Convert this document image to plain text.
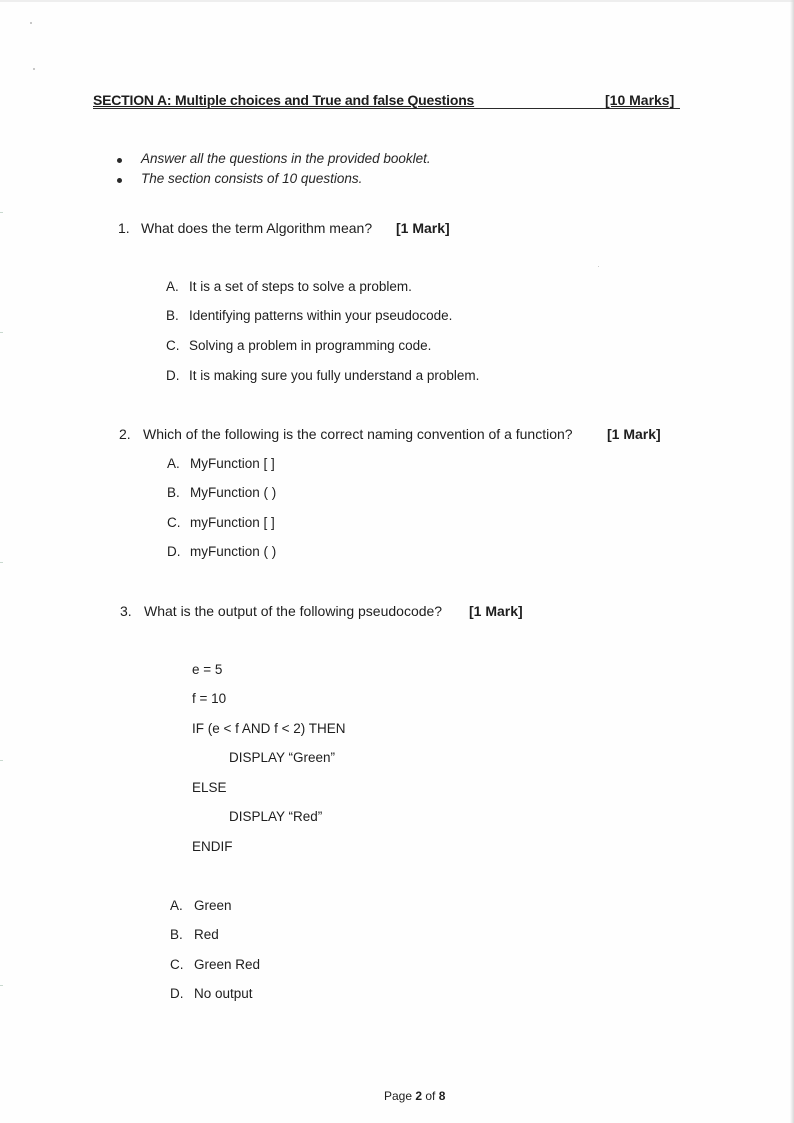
SECTION A: Multiple choices and True and false Questions	[10 Marks]
Answer all the questions in the provided booklet.
The section consists of 10 questions.
1. What does the term Algorithm mean? [1 Mark]
A. It is a set of steps to solve a problem.
B. Identifying patterns within your pseudocode.
C. Solving a problem in programming code.
D. It is making sure you fully understand a problem.
2. Which of the following is the correct naming convention of a function? [1 Mark]
A. MyFunction [ ]
B. MyFunction ( )
C. myFunction [ ]
D. myFunction ( )
3. What is the output of the following pseudocode? [1 Mark]
e = 5
f = 10
IF (e < f AND f < 2) THEN
DISPLAY “Green”
ELSE
DISPLAY “Red”
ENDIF
A. Green
B. Red
C. Green Red
D. No output
Page 2 of 8
